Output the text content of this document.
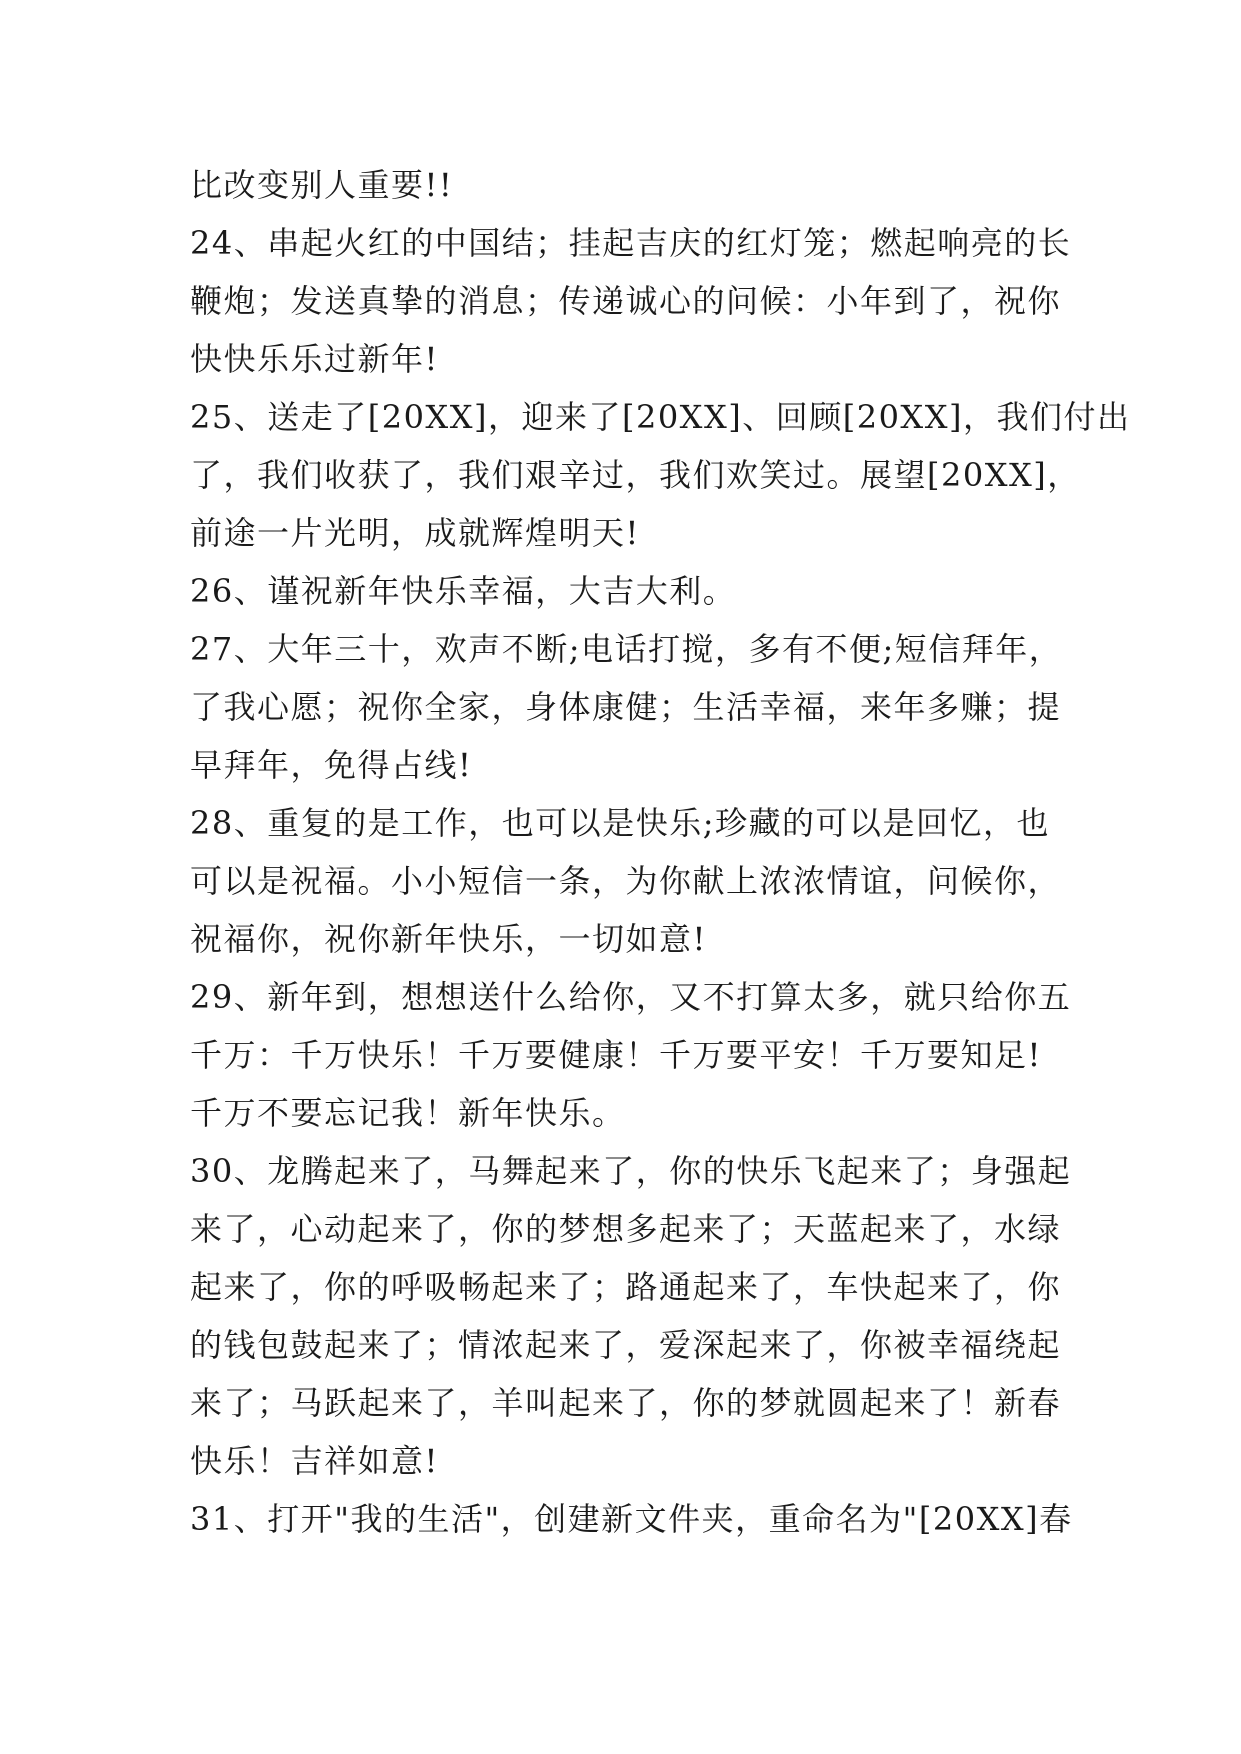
比改变别人重要!!
24、串起火红的中国结；挂起吉庆的红灯笼；燃起响亮的长
鞭炮；发送真挚的消息；传递诚心的问候：小年到了，祝你
快快乐乐过新年!
25、送走了[20XX]，迎来了[20XX]、回顾[20XX]，我们付出
了，我们收获了，我们艰辛过，我们欢笑过。展望[20XX]，
前途一片光明，成就辉煌明天!
26、谨祝新年快乐幸福，大吉大利。
27、大年三十，欢声不断;电话打搅，多有不便;短信拜年，
了我心愿；祝你全家，身体康健；生活幸福，来年多赚；提
早拜年，免得占线!
28、重复的是工作，也可以是快乐;珍藏的可以是回忆，也
可以是祝福。小小短信一条，为你献上浓浓情谊，问候你，
祝福你，祝你新年快乐，一切如意!
29、新年到，想想送什么给你，又不打算太多，就只给你五
千万：千万快乐！千万要健康！千万要平安！千万要知足!
千万不要忘记我！新年快乐。
30、龙腾起来了，马舞起来了，你的快乐飞起来了；身强起
来了，心动起来了，你的梦想多起来了；天蓝起来了，水绿
起来了，你的呼吸畅起来了；路通起来了，车快起来了，你
的钱包鼓起来了；情浓起来了，爱深起来了，你被幸福绕起
来了；马跃起来了，羊叫起来了，你的梦就圆起来了！新春
快乐！吉祥如意!
31、打开"我的生活"，创建新文件夹，重命名为"[20XX]春
